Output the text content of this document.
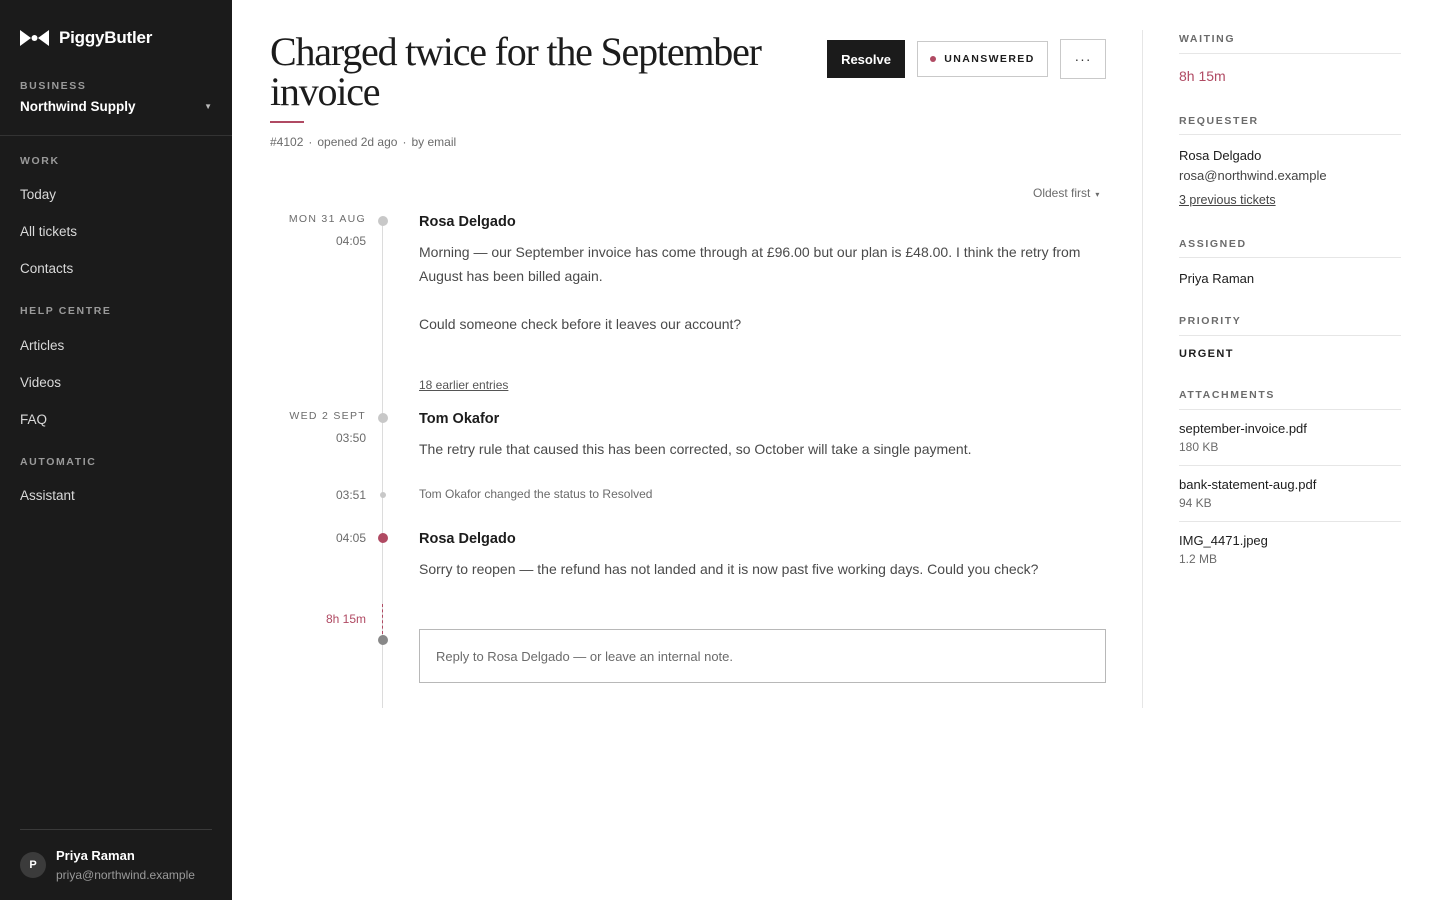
PiggyButler
BUSINESS
Northwind Supply	▼
WORK
Today
All tickets
Contacts
HELP CENTRE
Articles
Videos
FAQ
AUTOMATIC
Assistant
P
Priya Raman
priya@northwind.example
Charged twice for the September invoice
#4102 · opened 2d ago · by email
Resolve	UNANSWERED	···
Oldest first ▾
MON 31 AUG
04:05
Rosa Delgado

Morning — our September invoice has come through at £96.00 but our plan is £48.00. I think the retry from August has been billed again.

Could someone check before it leaves our account?

18 earlier entries
WED 2 SEPT
03:50
Tom Okafor

The retry rule that caused this has been corrected, so October will take a single payment.

03:51	Tom Okafor changed the status to Resolved
04:05	Rosa Delgado

Sorry to reopen — the refund has not landed and it is now past five working days. Could you check?

8h 15m
Reply to Rosa Delgado — or leave an internal note.
WAITING
8h 15m
REQUESTER
Rosa Delgado
rosa@northwind.example
3 previous tickets
ASSIGNED
Priya Raman
PRIORITY
URGENT
ATTACHMENTS
september-invoice.pdf
180 KB
bank-statement-aug.pdf
94 KB
IMG_4471.jpeg
1.2 MB
